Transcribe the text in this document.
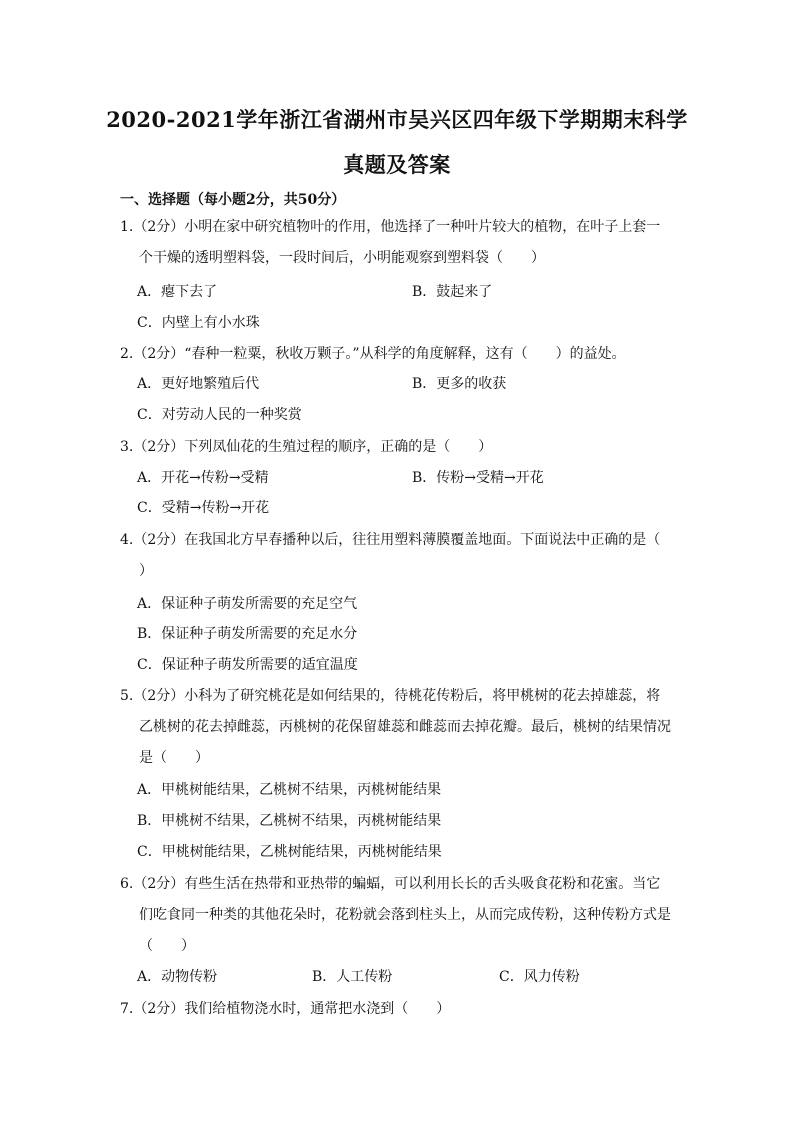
2020-2021学年浙江省湖州市吴兴区四年级下学期期末科学
真题及答案
一、选择题（每小题2分，共50分）
1.（2分）小明在家中研究植物叶的作用，他选择了一种叶片较大的植物，在叶子上套一
个干燥的透明塑料袋，一段时间后，小明能观察到塑料袋（　　）
A．瘪下去了	B．鼓起来了
C．内壁上有小水珠
2.（2分）“春种一粒粟，秋收万颗子。”从科学的角度解释，这有（　　）的益处。
A．更好地繁殖后代	B．更多的收获
C．对劳动人民的一种奖赏
3.（2分）下列凤仙花的生殖过程的顺序，正确的是（　　）
A．开花→传粉→受精	B．传粉→受精→开花
C．受精→传粉→开花
4.（2分）在我国北方早春播种以后，往往用塑料薄膜覆盖地面。下面说法中正确的是（
）
A．保证种子萌发所需要的充足空气
B．保证种子萌发所需要的充足水分
C．保证种子萌发所需要的适宜温度
5.（2分）小科为了研究桃花是如何结果的，待桃花传粉后，将甲桃树的花去掉雄蕊，将
乙桃树的花去掉雌蕊，丙桃树的花保留雄蕊和雌蕊而去掉花瓣。最后，桃树的结果情况
是（　　）
A．甲桃树能结果，乙桃树不结果，丙桃树能结果
B．甲桃树不结果，乙桃树不结果，丙桃树能结果
C．甲桃树能结果，乙桃树能结果，丙桃树能结果
6.（2分）有些生活在热带和亚热带的蝙蝠，可以利用长长的舌头吸食花粉和花蜜。当它
们吃食同一种类的其他花朵时，花粉就会落到柱头上，从而完成传粉，这种传粉方式是
（　　）
A．动物传粉	B．人工传粉	C．风力传粉
7.（2分）我们给植物浇水时，通常把水浇到（　　）
